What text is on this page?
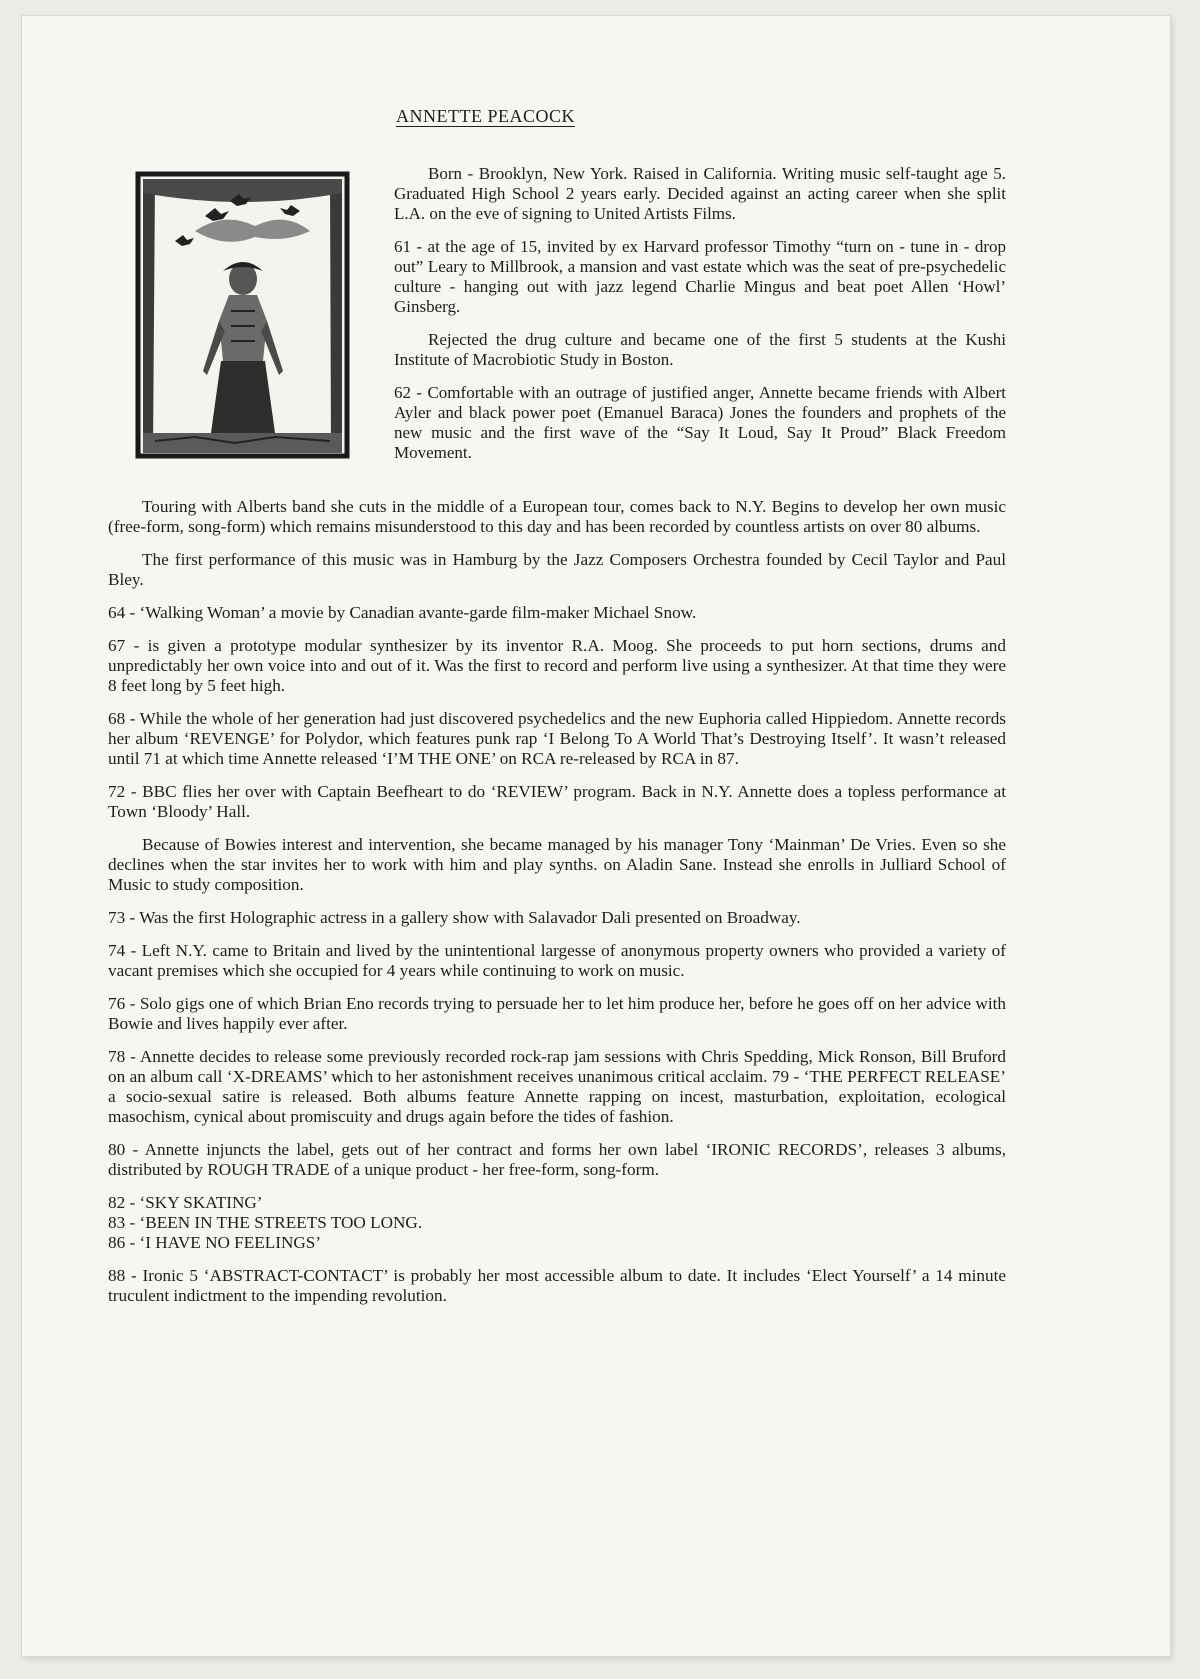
ANNETTE PEACOCK

Born - Brooklyn, New York. Raised in California. Writing music self-taught age 5. Graduated High School 2 years early. Decided against an acting career when she split L.A. on the eve of signing to United Artists Films.

61 - at the age of 15, invited by ex Harvard professor Timothy “turn on - tune in - drop out” Leary to Millbrook, a mansion and vast estate which was the seat of pre-psychedelic culture - hanging out with jazz legend Charlie Mingus and beat poet Allen ‘Howl’ Ginsberg.

Rejected the drug culture and became one of the first 5 students at the Kushi Institute of Macrobiotic Study in Boston.

62 - Comfortable with an outrage of justified anger, Annette became friends with Albert Ayler and black power poet (Emanuel Baraca) Jones the founders and prophets of the new music and the first wave of the “Say It Loud, Say It Proud” Black Freedom Movement.

Touring with Alberts band she cuts in the middle of a European tour, comes back to N.Y. Begins to develop her own music (free-form, song-form) which remains misunderstood to this day and has been recorded by countless artists on over 80 albums.

The first performance of this music was in Hamburg by the Jazz Composers Orchestra founded by Cecil Taylor and Paul Bley.

64 - ‘Walking Woman’ a movie by Canadian avante-garde film-maker Michael Snow.

67 - is given a prototype modular synthesizer by its inventor R.A. Moog. She proceeds to put horn sections, drums and unpredictably her own voice into and out of it. Was the first to record and perform live using a synthesizer. At that time they were 8 feet long by 5 feet high.

68 - While the whole of her generation had just discovered psychedelics and the new Euphoria called Hippiedom. Annette records her album ‘REVENGE’ for Polydor, which features punk rap ‘I Belong To A World That’s Destroying Itself’. It wasn’t released until 71 at which time Annette released ‘I’M THE ONE’ on RCA re-released by RCA in 87.

72 - BBC flies her over with Captain Beefheart to do ‘REVIEW’ program. Back in N.Y. Annette does a topless performance at Town ‘Bloody’ Hall.

Because of Bowies interest and intervention, she became managed by his manager Tony ‘Mainman’ De Vries. Even so she declines when the star invites her to work with him and play synths. on Aladin Sane. Instead she enrolls in Julliard School of Music to study composition.

73 - Was the first Holographic actress in a gallery show with Salavador Dali presented on Broadway.

74 - Left N.Y. came to Britain and lived by the unintentional largesse of anonymous property owners who provided a variety of vacant premises which she occupied for 4 years while continuing to work on music.

76 - Solo gigs one of which Brian Eno records trying to persuade her to let him produce her, before he goes off on her advice with Bowie and lives happily ever after.

78 - Annette decides to release some previously recorded rock-rap jam sessions with Chris Spedding, Mick Ronson, Bill Bruford on an album call ‘X-DREAMS’ which to her astonishment receives unanimous critical acclaim. 79 - ‘THE PERFECT RELEASE’ a socio-sexual satire is released. Both albums feature Annette rapping on incest, masturbation, exploitation, ecological masochism, cynical about promiscuity and drugs again before the tides of fashion.

80 - Annette injuncts the label, gets out of her contract and forms her own label ‘IRONIC RECORDS’, releases 3 albums, distributed by ROUGH TRADE of a unique product - her free-form, song-form.

82 - ‘SKY SKATING’

83 - ‘BEEN IN THE STREETS TOO LONG.

86 - ‘I HAVE NO FEELINGS’

88 - Ironic 5 ‘ABSTRACT-CONTACT’ is probably her most accessible album to date. It includes ‘Elect Yourself’ a 14 minute truculent indictment to the impending revolution.
